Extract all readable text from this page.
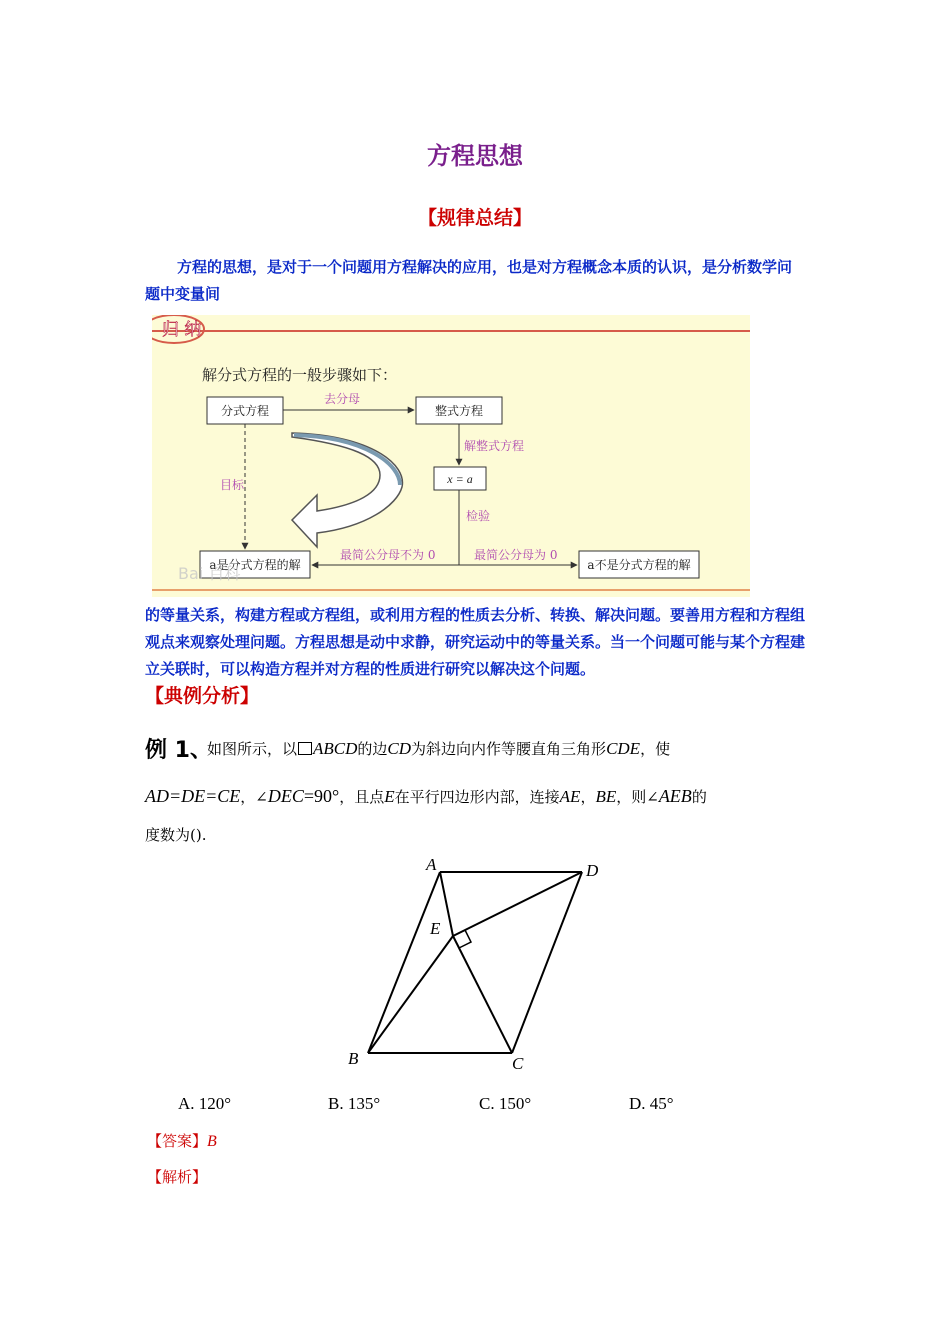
方程思想
【规律总结】

方程的思想，是对于一个问题用方程解决的应用，也是对方程概念本质的认识，是分析数学问题中变量间

归 纳
解分式方程的一般步骤如下：
分式方程
去分母
整式方程
解整式方程
x = a
检验
最简公分母不为 0	最简公分母为 0
a是分式方程的解	a不是分式方程的解
目标
Bai 百科

的等量关系，构建方程或方程组，或利用方程的性质去分析、转换、解决问题。要善用方程和方程组观点来观察处理问题。方程思想是动中求静，研究运动中的等量关系。当一个问题可能与某个方程建立关联时，可以构造方程并对方程的性质进行研究以解决这个问题。

【典例分析】
例 1、
如图所示，以 ABCD的边CD为斜边向内作等腰直角三角形CDE，使
AD=DE=CE，∠DEC=90°，且点E在平行四边形内部，连接AE，BE，则∠AEB的
度数为().
A	D
E
B	C
A. 120°	B. 135°	C. 150°	D. 45°
【答案】B
【解析】
